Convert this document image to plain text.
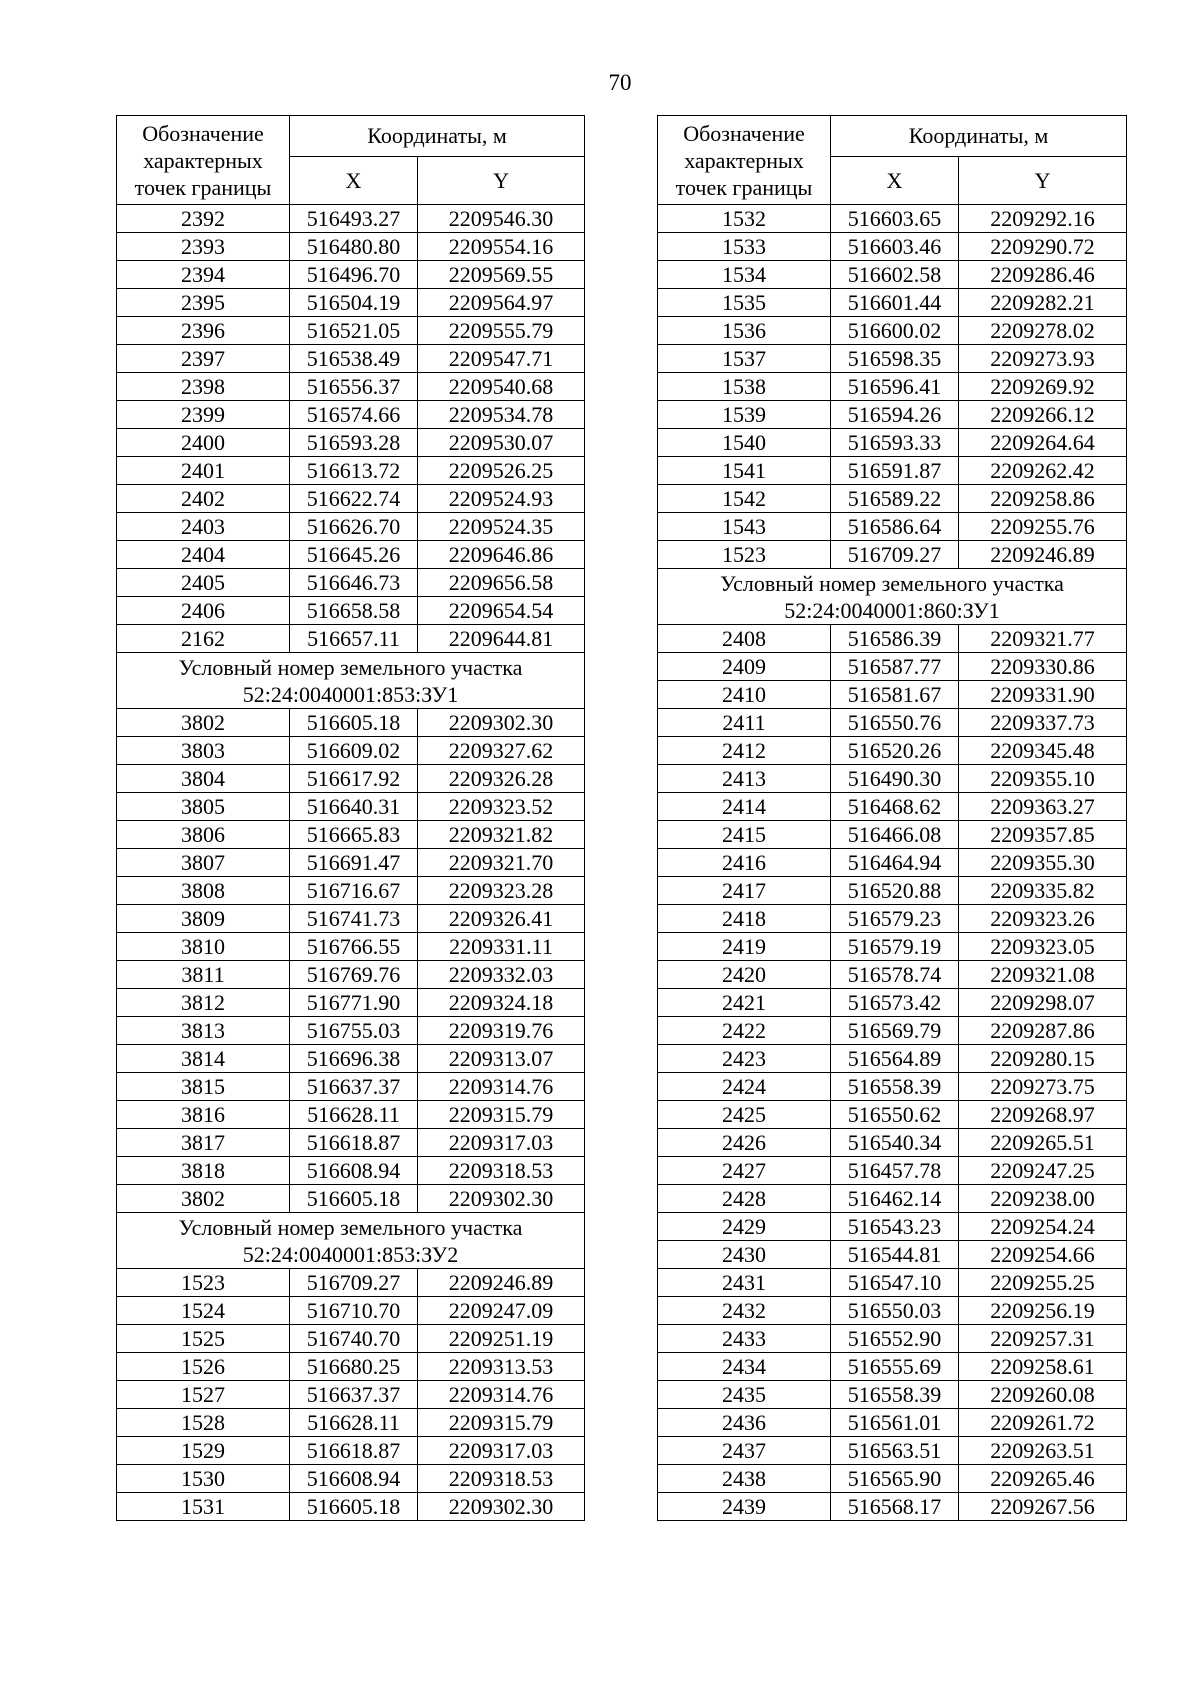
70
Обозначение характерных точек границы	Координаты, м	
	X	Y
2392	516493.27	2209546.30
2393	516480.80	2209554.16
2394	516496.70	2209569.55
2395	516504.19	2209564.97
2396	516521.05	2209555.79
2397	516538.49	2209547.71
2398	516556.37	2209540.68
2399	516574.66	2209534.78
2400	516593.28	2209530.07
2401	516613.72	2209526.25
2402	516622.74	2209524.93
2403	516626.70	2209524.35
2404	516645.26	2209646.86
2405	516646.73	2209656.58
2406	516658.58	2209654.54
2162	516657.11	2209644.81
Условный номер земельного участка 52:24:0040001:853:ЗУ1		
3802	516605.18	2209302.30
3803	516609.02	2209327.62
3804	516617.92	2209326.28
3805	516640.31	2209323.52
3806	516665.83	2209321.82
3807	516691.47	2209321.70
3808	516716.67	2209323.28
3809	516741.73	2209326.41
3810	516766.55	2209331.11
3811	516769.76	2209332.03
3812	516771.90	2209324.18
3813	516755.03	2209319.76
3814	516696.38	2209313.07
3815	516637.37	2209314.76
3816	516628.11	2209315.79
3817	516618.87	2209317.03
3818	516608.94	2209318.53
3802	516605.18	2209302.30
Условный номер земельного участка 52:24:0040001:853:ЗУ2		
1523	516709.27	2209246.89
1524	516710.70	2209247.09
1525	516740.70	2209251.19
1526	516680.25	2209313.53
1527	516637.37	2209314.76
1528	516628.11	2209315.79
1529	516618.87	2209317.03
1530	516608.94	2209318.53
1531	516605.18	2209302.30
Обозначение характерных точек границы	Координаты, м	
	X	Y
1532	516603.65	2209292.16
1533	516603.46	2209290.72
1534	516602.58	2209286.46
1535	516601.44	2209282.21
1536	516600.02	2209278.02
1537	516598.35	2209273.93
1538	516596.41	2209269.92
1539	516594.26	2209266.12
1540	516593.33	2209264.64
1541	516591.87	2209262.42
1542	516589.22	2209258.86
1543	516586.64	2209255.76
1523	516709.27	2209246.89
Условный номер земельного участка 52:24:0040001:860:ЗУ1		
2408	516586.39	2209321.77
2409	516587.77	2209330.86
2410	516581.67	2209331.90
2411	516550.76	2209337.73
2412	516520.26	2209345.48
2413	516490.30	2209355.10
2414	516468.62	2209363.27
2415	516466.08	2209357.85
2416	516464.94	2209355.30
2417	516520.88	2209335.82
2418	516579.23	2209323.26
2419	516579.19	2209323.05
2420	516578.74	2209321.08
2421	516573.42	2209298.07
2422	516569.79	2209287.86
2423	516564.89	2209280.15
2424	516558.39	2209273.75
2425	516550.62	2209268.97
2426	516540.34	2209265.51
2427	516457.78	2209247.25
2428	516462.14	2209238.00
2429	516543.23	2209254.24
2430	516544.81	2209254.66
2431	516547.10	2209255.25
2432	516550.03	2209256.19
2433	516552.90	2209257.31
2434	516555.69	2209258.61
2435	516558.39	2209260.08
2436	516561.01	2209261.72
2437	516563.51	2209263.51
2438	516565.90	2209265.46
2439	516568.17	2209267.56
